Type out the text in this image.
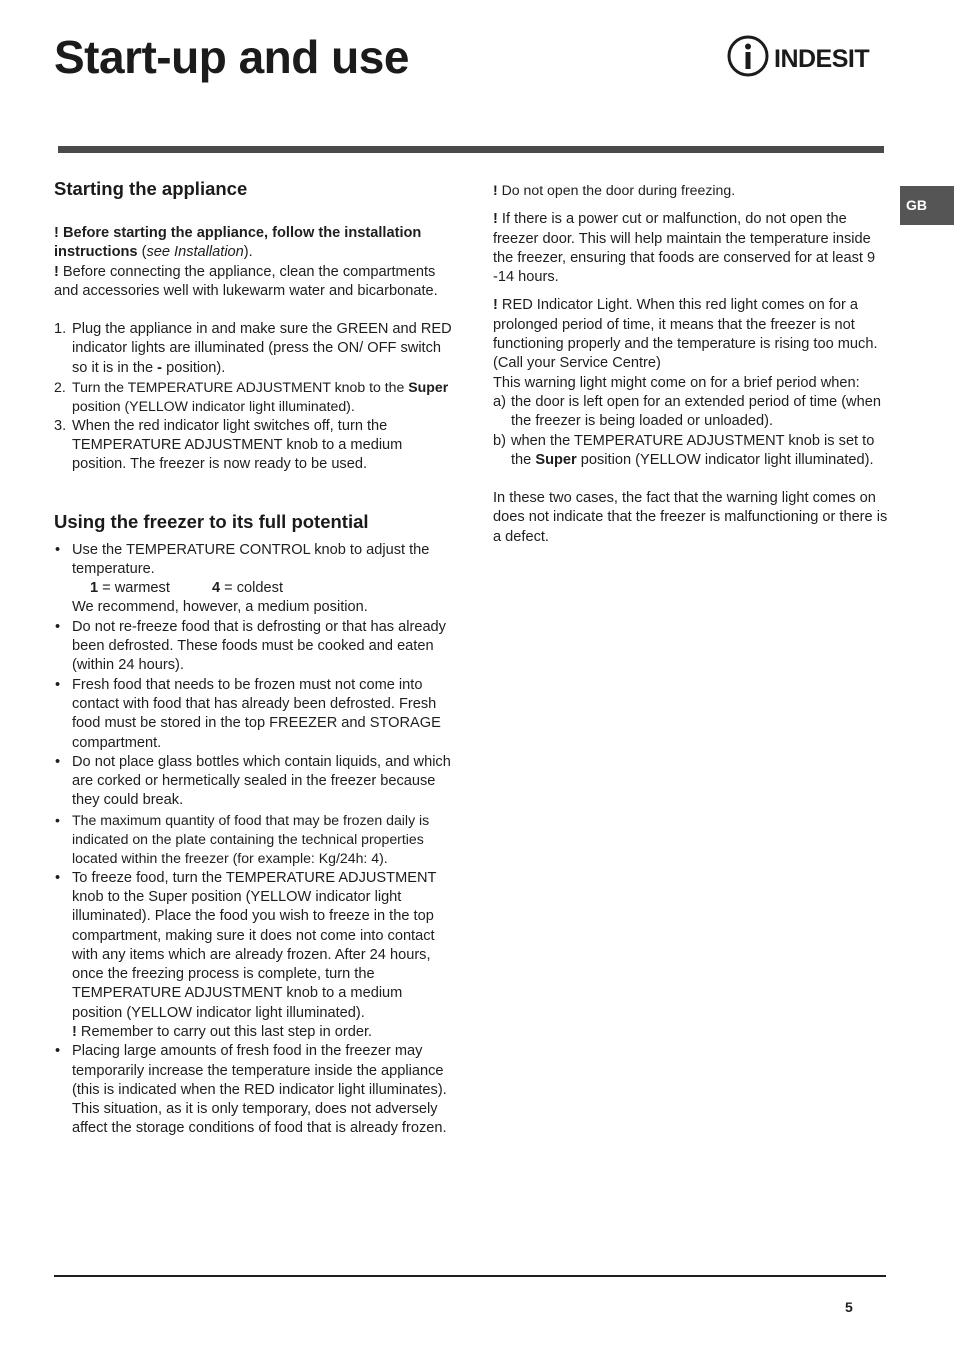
Start-up and use	INDESIT
GB
Starting the appliance

! Before starting the appliance, follow the installation instructions (see Installation).

! Before connecting the appliance, clean the compartments and accessories well with lukewarm water and bicarbonate.

1. Plug the appliance in and make sure the GREEN and RED indicator lights are illuminated (press the ON/ OFF switch so it is in the - position).
2. Turn the TEMPERATURE ADJUSTMENT knob to the Super position (YELLOW indicator light illuminated).
3. When the red indicator light switches off, turn the TEMPERATURE ADJUSTMENT knob to a medium position. The freezer is now ready to be used.
Using the freezer to its full potential
• Use the TEMPERATURE CONTROL knob to adjust the temperature.
1 = warmest	4 = coldest
We recommend, however, a medium position.
• Do not re-freeze food that is defrosting or that has already been defrosted. These foods must be cooked and eaten (within 24 hours).
• Fresh food that needs to be frozen must not come into contact with food that has already been defrosted. Fresh food must be stored in the top FREEZER and STORAGE compartment.
• Do not place glass bottles which contain liquids, and which are corked or hermetically sealed in the freezer because they could break.
• The maximum quantity of food that may be frozen daily is indicated on the plate containing the technical properties located within the freezer (for example: Kg/24h: 4).
• To freeze food, turn the TEMPERATURE ADJUSTMENT knob to the Super position (YELLOW indicator light illuminated). Place the food you wish to freeze in the top compartment, making sure it does not come into contact with any items which are already frozen. After 24 hours, once the freezing process is complete, turn the TEMPERATURE ADJUSTMENT knob to a medium position (YELLOW indicator light illuminated).
! Remember to carry out this last step in order.
• Placing large amounts of fresh food in the freezer may temporarily increase the temperature inside the appliance (this is indicated when the RED indicator light illuminates). This situation, as it is only temporary, does not adversely affect the storage conditions of food that is already frozen.

! Do not open the door during freezing.

! If there is a power cut or malfunction, do not open the freezer door. This will help maintain the temperature inside the freezer, ensuring that foods are conserved for at least 9 -14 hours.

! RED Indicator Light. When this red light comes on for a prolonged period of time, it means that the freezer is not functioning properly and the temperature is rising too much. (Call your Service Centre)

This warning light might come on for a brief period when:

a) the door is left open for an extended period of time (when the freezer is being loaded or unloaded).
b) when the TEMPERATURE ADJUSTMENT knob is set to the Super position (YELLOW indicator light illuminated).

In these two cases, the fact that the warning light comes on does not indicate that the freezer is malfunctioning or there is a defect.

5
